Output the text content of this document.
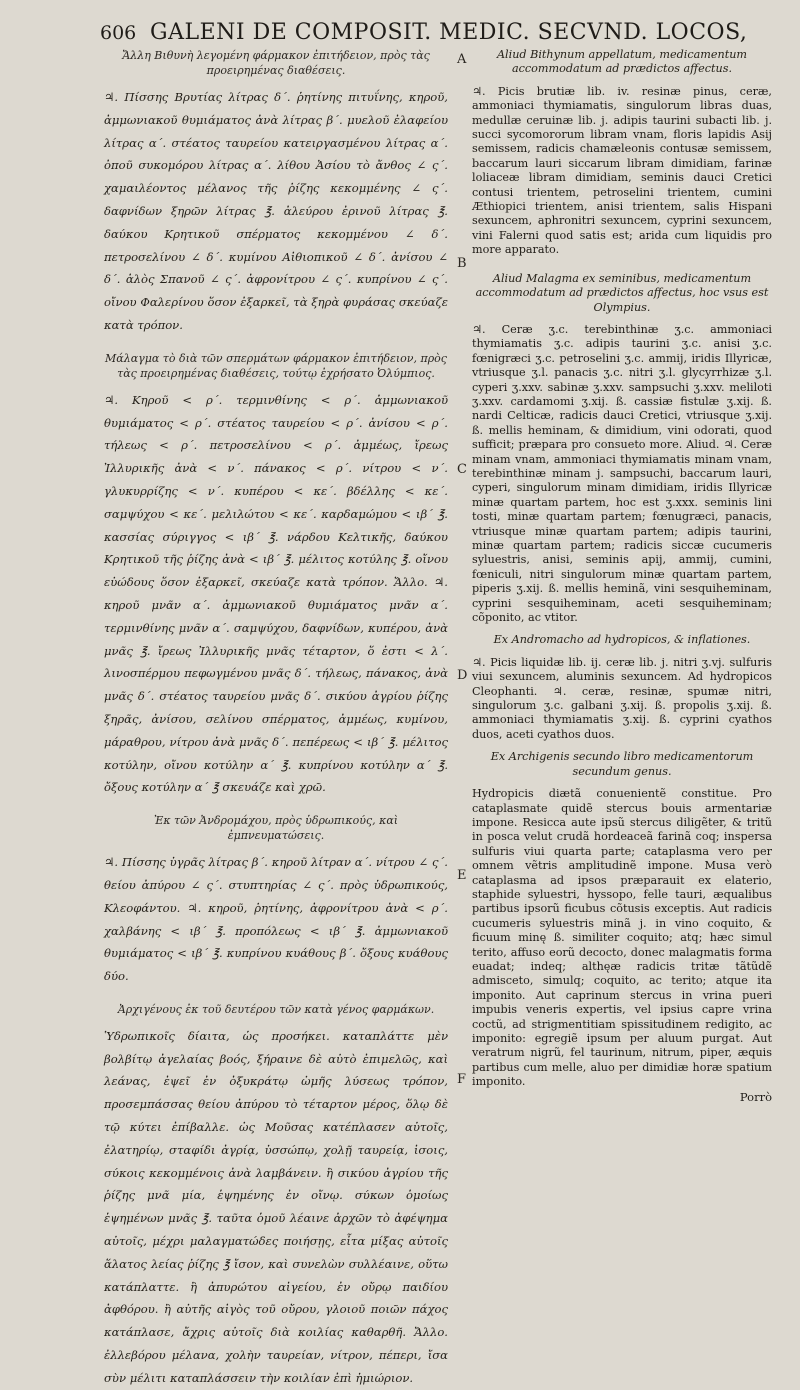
606 GALENI DE COMPOSIT. MEDIC. SECVND. LOCOS,

Ἄλλη Βιθυνὴ λεγομένη φάρμακον ἐπιτήδειον, πρὸς τὰς προειρημένας διαθέσεις.

♃. Πίσσης Βρυτίας λίτρας δ΄. ῥητίνης πιτυΐνης, κηροῦ, ἀμμωνιακοῦ θυμιάματος ἀνὰ λίτρας β΄. μυελοῦ ἐλαφείου λίτρας α΄. στέατος ταυρείου κατειργασμένου λίτρας α΄. ὀποῦ συκομόρου λίτρας α΄. λίθου Ἀσίου τὸ ἄνθος ∠ ς΄. χαμαιλέοντος μέλανος τῆς ῥίζης κεκομμένης ∠ ς΄. δαφνίδων ξηρῶν λίτρας ℥. ἀλεύρου ἐρινοῦ λίτρας ℥. δαύκου Κρητικοῦ σπέρματος κεκομμένου ∠ δ΄. πετροσελίνου ∠ δ΄. κυμίνου Αἰθιοπικοῦ ∠ δ΄. ἀνίσου ∠ δ΄. ἁλὸς Σπανοῦ ∠ ς΄. ἀφρονίτρου ∠ ς΄. κυπρίνου ∠ ς΄. οἴνου Φαλερίνου ὅσον ἐξαρκεῖ, τὰ ξηρὰ φυράσας σκεύαζε κατὰ τρόπον.

Μάλαγμα τὸ διὰ τῶν σπερμάτων φάρμακον ἐπιτήδειον, πρὸς τὰς προειρημένας διαθέσεις, τούτῳ ἐχρήσατο Ὀλύμπιος.

♃. Κηροῦ < ρ΄. τερμινθίνης < ρ΄. ἀμμωνιακοῦ θυμιάματος < ρ΄. στέατος ταυρείου < ρ΄. ἀνίσου < ρ΄. τήλεως < ρ΄. πετροσελίνου < ρ΄. ἀμμέως, ἴρεως Ἰλλυρικῆς ἀνὰ < ν΄. πάνακος < ρ΄. νίτρου < ν΄. γλυκυρρίζης < ν΄. κυπέρου < κε΄. βδέλλης < κε΄. σαμψύχου < κε΄. μελιλώτου < κε΄. καρδαμώμου < ιβ΄ ℥. κασσίας σύριγγος < ιβ΄ ℥. νάρδου Κελτικῆς, δαύκου Κρητικοῦ τῆς ῥίζης ἀνὰ < ιβ΄ ℥. μέλιτος κοτύλης ℥. οἴνου εὐώδους ὅσον ἐξαρκεῖ, σκεύαζε κατὰ τρόπον. Ἄλλο. ♃. κηροῦ μνᾶν α΄. ἀμμωνιακοῦ θυμιάματος μνᾶν α΄. τερμινθίνης μνᾶν α΄. σαμψύχου, δαφνίδων, κυπέρου, ἀνὰ μνᾶς ℥. ἴρεως Ἰλλυρικῆς μνᾶς τέταρτον, ὅ ἐστι < λ΄. λινοσπέρμου πεφωγμένου μνᾶς δ΄. τήλεως, πάνακος, ἀνὰ μνᾶς δ΄. στέατος ταυρείου μνᾶς δ΄. σικύου ἀγρίου ῥίζης ξηρᾶς, ἀνίσου, σελίνου σπέρματος, ἀμμέως, κυμίνου, μάραθρου, νίτρου ἀνὰ μνᾶς δ΄. πεπέρεως < ιβ΄ ℥. μέλιτος κοτύλην, οἴνου κοτύλην α΄ ℥. κυπρίνου κοτύλην α΄ ℥. ὄξους κοτύλην α΄ ℥ σκευάζε καὶ χρῶ.

Ἐκ τῶν Ἀνδρομάχου, πρὸς ὑδρωπικούς, καὶ ἐμπνευματώσεις.

♃. Πίσσης ὑγρᾶς λίτρας β΄. κηροῦ λίτραν α΄. νίτρου ∠ ς΄. θείου ἀπύρου ∠ ς΄. στυπτηρίας ∠ ς΄. πρὸς ὑδρωπικούς, Κλεοφάντου. ♃. κηροῦ, ῥητίνης, ἀφρονίτρου ἀνὰ < ρ΄. χαλβάνης < ιβ΄ ℥. προπόλεως < ιβ΄ ℥. ἀμμωνιακοῦ θυμιάματος < ιβ΄ ℥. κυπρίνου κυάθους β΄. ὄξους κυάθους δύο.

Ἀρχιγένους ἐκ τοῦ δευτέρου τῶν κατὰ γένος φαρμάκων.

Ὑδρωπικοῖς δίαιτα, ὡς προσήκει. καταπλάττε μὲν βολβίτῳ ἀγελαίας βοός, ξήραινε δὲ αὐτὸ ἐπιμελῶς, καὶ λεάνας, ἐψεῖ ἐν ὀξυκράτῳ ὡμῆς λύσεως τρόπον, προσεμπάσσας θείου ἀπύρου τὸ τέταρτον μέρος, ὅλῳ δὲ τῷ κύτει ἐπίβαλλε. ὡς Μοῦσας κατέπλασεν αὐτοῖς, ἐλατηρίῳ, σταφίδι ἀγρίᾳ, ὑσσώπῳ, χολῇ ταυρείᾳ, ἰσοις, σύκοις κεκομμένοις ἀνὰ λαμβάνειν. ἢ σικύου ἀγρίου τῆς ῥίζης μνᾶ μία, ἑψημένης ἐν οἴνῳ. σύκων ὁμοίως ἑψημένων μνᾶς ℥. ταῦτα ὁμοῦ λέαινε ἀρχῶν τὸ ἀφέψημα αὐτοῖς, μέχρι μαλαγματώδες ποιήσῃς, εἶτα μίξας αὐτοῖς ἅλατος λείας ῥίζης ℥ ἴσον, καὶ συνελὼν συλλέαινε, οὕτω κατάπλαττε. ἢ ἀπυρώτου αἰγείου, ἐν οὔρῳ παιδίου ἀφθόρου. ἢ αὐτῆς αἰγὸς τοῦ οὔρου, γλοιοῦ ποιῶν πάχος κατάπλασε, ἄχρις αὐτοῖς διὰ κοιλίας καθαρθῆ. Ἄλλο. ἐλλεβόρου μέλανα, χολὴν ταυρείαν, νίτρον, πέπερι, ἴσα σὺν μέλιτι καταπλάσσειν τὴν κοιλίαν ἐπὶ ἡμιώριον.

A
B
C
D
E
F

Aliud Bithynum appellatum, medicamentum accommodatum ad prædictos affectus.

♃. Picis brutiæ lib. iv. resinæ pinus, ceræ, ammoniaci thymiamatis, singulorum libras duas, medullæ ceruinæ lib. j. adipis taurini subacti lib. j. succi sycomororum libram vnam, floris lapidis Asij semissem, radicis chamæleonis contusæ semissem, baccarum lauri siccarum libram dimidiam, farinæ loliaceæ libram dimidiam, seminis dauci Cretici contusi trientem, petroselini trientem, cumini Æthiopici trientem, anisi trientem, salis Hispani sexuncem, aphronitri sexuncem, cyprini sexuncem, vini Falerni quod satis est; arida cum liquidis pro more apparato.

Aliud Malagma ex seminibus, medicamentum accommodatum ad prædictos affectus, hoc vsus est Olympius.

♃. Ceræ ʒ.c. terebinthinæ ʒ.c. ammoniaci thymiamatis ʒ.c. adipis taurini ʒ.c. anisi ʒ.c. fœnigræci ʒ.c. petroselini ʒ.c. ammij, iridis Illyricæ, vtriusque ʒ.l. panacis ʒ.c. nitri ʒ.l. glycyrrhizæ ʒ.l. cyperi ʒ.xxv. sabinæ ʒ.xxv. sampsuchi ʒ.xxv. meliloti ʒ.xxv. cardamomi ʒ.xij. ß. cassiæ fistulæ ʒ.xij. ß. nardi Celticæ, radicis dauci Cretici, vtriusque ʒ.xij. ß. mellis heminam, & dimidium, vini odorati, quod sufficit; præpara pro consueto more. Aliud. ♃. Ceræ minam vnam, ammoniaci thymiamatis minam vnam, terebinthinæ minam j. sampsuchi, baccarum lauri, cyperi, singulorum minam dimidiam, iridis Illyricæ minæ quartam partem, hoc est ʒ.xxx. seminis lini tosti, minæ quartam partem; fœnugræci, panacis, vtriusque minæ quartam partem; adipis taurini, minæ quartam partem; radicis siccæ cucumeris syluestris, anisi, seminis apij, ammij, cumini, fœniculi, nitri singulorum minæ quartam partem, piperis ʒ.xij. ß. mellis heminã, vini sesquiheminam, cyprini sesquiheminam, aceti sesquiheminam; cõponito, ac vtitor.

Ex Andromacho ad hydropicos, & inflationes.

♃. Picis liquidæ lib. ij. ceræ lib. j. nitri ʒ.vj. sulfuris viui sexuncem, aluminis sexuncem. Ad hydropicos Cleophanti. ♃. ceræ, resinæ, spumæ nitri, singulorum ʒ.c. galbani ʒ.xij. ß. propolis ʒ.xij. ß. ammoniaci thymiamatis ʒ.xij. ß. cyprini cyathos duos, aceti cyathos duos.

Ex Archigenis secundo libro medicamentorum secundum genus.

Hydropicis diætã conuenientẽ constitue. Pro cataplasmate quidẽ stercus bouis armentariæ impone. Resicca aute ipsũ stercus diligẽter, & tritũ in posca velut crudã hordeaceã farinã coq; inspersa sulfuris viui quarta parte; cataplasma vero per omnem vẽtris amplitudinẽ impone. Musa verò cataplasma ad ipsos præparauit ex elaterio, staphide syluestri, hyssopo, felle tauri, æqualibus partibus ipsorũ ficubus cõtusis exceptis. Aut radicis cucumeris syluestris minã j. in vino coquito, & ficuum minę ß. similiter coquito; atq; hæc simul terito, affuso eorũ decocto, donec malagmatis forma euadat; indeq; althęæ radicis tritæ tãtũdẽ admisceto, simulq; coquito, ac terito; atque ita imponito. Aut caprinum stercus in vrina pueri impubis veneris expertis, vel ipsius capre vrina coctũ, ad strigmentitiam spissitudinem redigito, ac imponito: egregiẽ ipsum per aluum purgat. Aut veratrum nigrũ, fel taurinum, nitrum, piper, æquis partibus cum melle, aluo per dimidiæ horæ spatium imponito.

Porrò
